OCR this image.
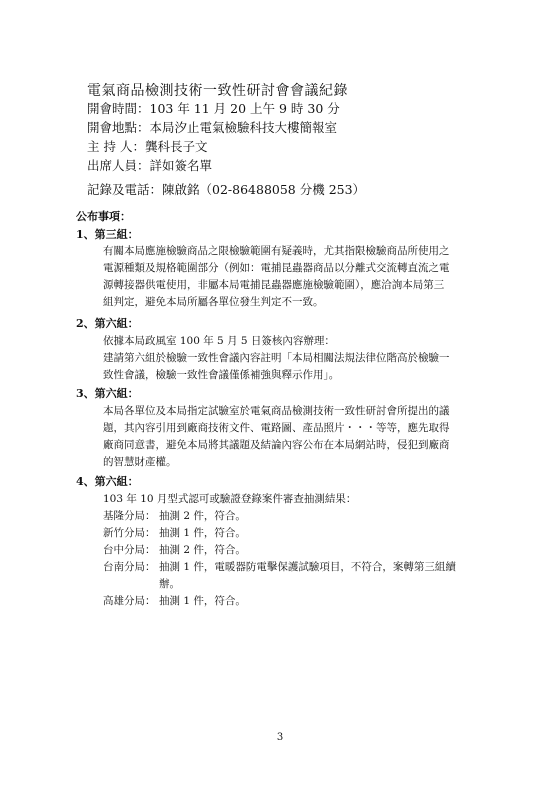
電氣商品檢測技術一致性研討會會議紀錄
開會時間：103 年 11 月 20 上午 9 時 30 分
開會地點：本局汐止電氣檢驗科技大樓簡報室
主 持 人：龔科長子文
出席人員：詳如簽名單
記錄及電話：陳啟銘（02-86488058 分機 253）
公布事項：
1、第三組：
有關本局應施檢驗商品之限檢驗範圍有疑義時，尤其指限檢驗商品所使用之
電源種類及規格範圍部分（例如：電捕昆蟲器商品以分離式交流轉直流之電
源轉接器供電使用，非屬本局電捕昆蟲器應施檢驗範圍），應洽詢本局第三
組判定，避免本局所屬各單位發生判定不一致。
2、第六組：
依據本局政風室 100 年 5 月 5 日簽核內容辦理：
建請第六組於檢驗一致性會議內容註明「本局相關法規法律位階高於檢驗一
致性會議，檢驗一致性會議僅係補強與釋示作用」。
3、第六組：
本局各單位及本局指定試驗室於電氣商品檢測技術一致性研討會所提出的議
題，其內容引用到廠商技術文件、電路圖、產品照片・・・等等，應先取得
廠商同意書，避免本局將其議題及結論內容公布在本局網站時，侵犯到廠商
的智慧財產權。
4、第六組：
103 年 10 月型式認可或驗證登錄案件審查抽測結果：
基隆分局： 抽測 2 件，符合。
新竹分局： 抽測 1 件，符合。
台中分局： 抽測 2 件，符合。
台南分局： 抽測 1 件，電暖器防電擊保護試驗項目，不符合，案轉第三組續
辦。
高雄分局： 抽測 1 件，符合。
3
